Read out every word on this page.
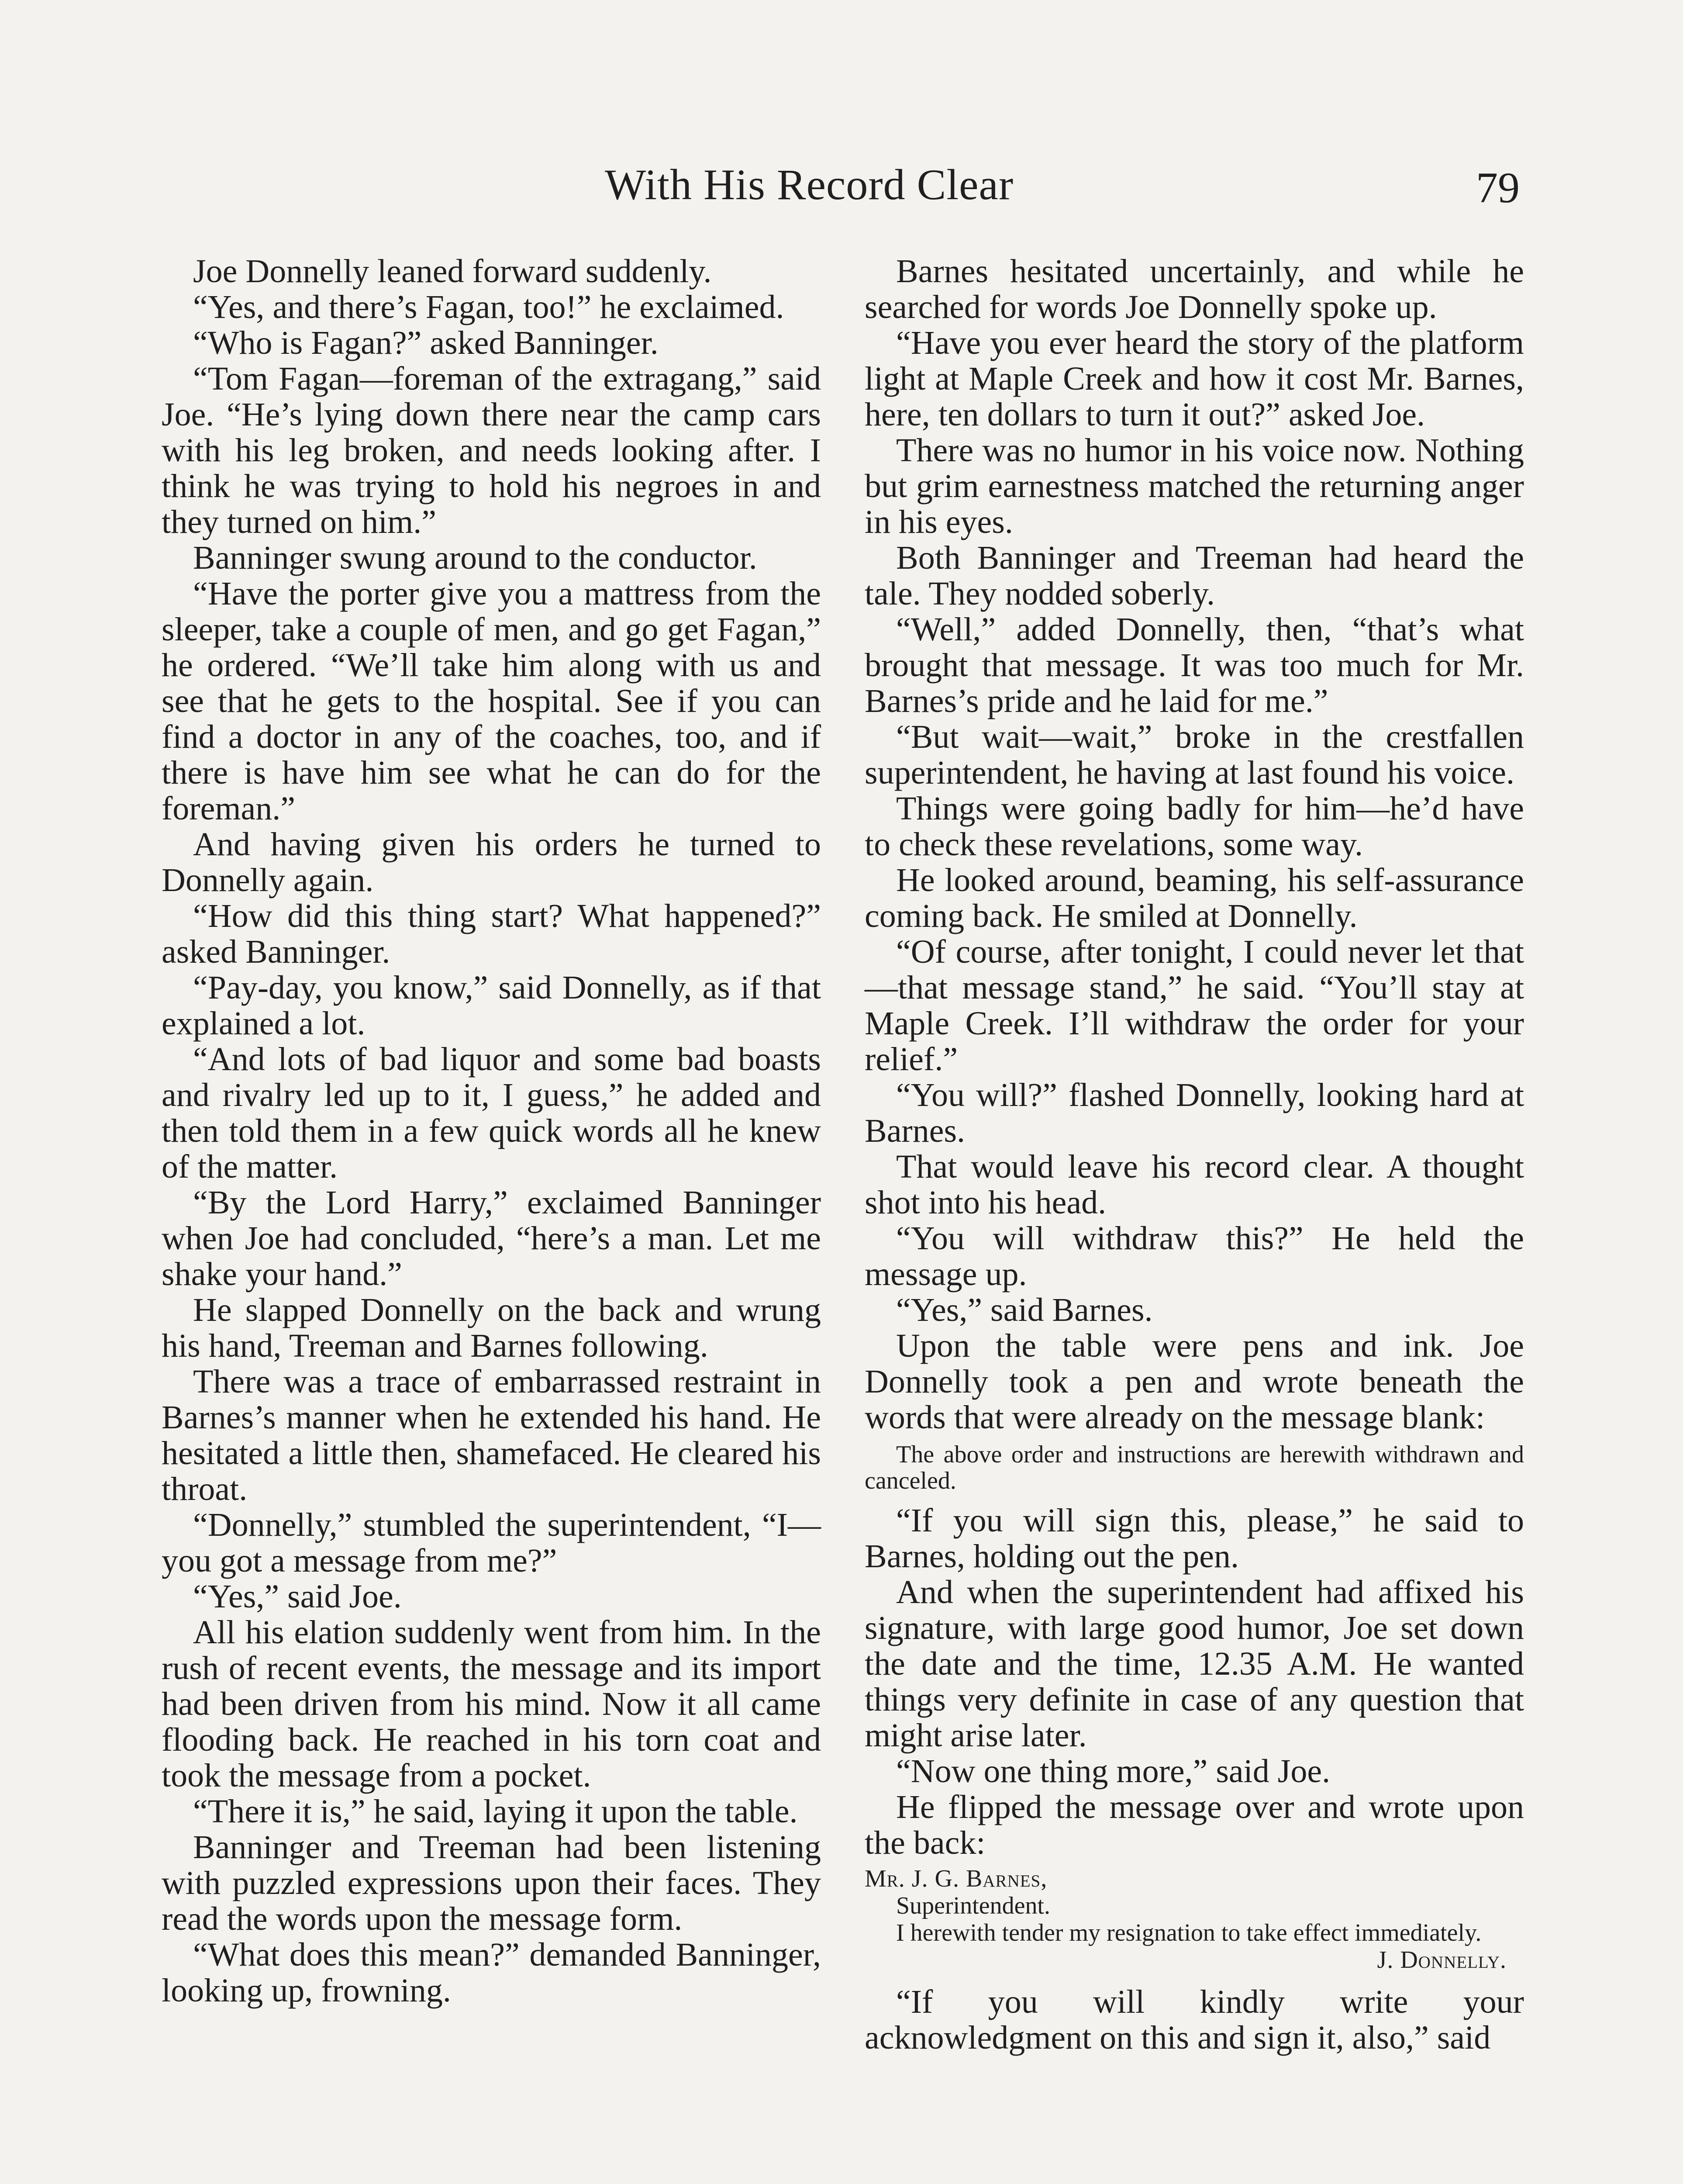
With His Record Clear	79

Joe Donnelly leaned forward suddenly.

“Yes, and there’s Fagan, too!” he exclaimed.

“Who is Fagan?” asked Banninger.

“Tom Fagan—foreman of the extragang,” said Joe. “He’s lying down there near the camp cars with his leg broken, and needs looking after. I think he was trying to hold his negroes in and they turned on him.”

Banninger swung around to the conductor.

“Have the porter give you a mattress from the sleeper, take a couple of men, and go get Fagan,” he ordered. “We’ll take him along with us and see that he gets to the hospital. See if you can find a doctor in any of the coaches, too, and if there is have him see what he can do for the foreman.”

And having given his orders he turned to Donnelly again.

“How did this thing start? What happened?” asked Banninger.

“Pay-day, you know,” said Donnelly, as if that explained a lot.

“And lots of bad liquor and some bad boasts and rivalry led up to it, I guess,” he added and then told them in a few quick words all he knew of the matter.

“By the Lord Harry,” exclaimed Banninger when Joe had concluded, “here’s a man. Let me shake your hand.”

He slapped Donnelly on the back and wrung his hand, Treeman and Barnes following.

There was a trace of embarrassed restraint in Barnes’s manner when he extended his hand. He hesitated a little then, shamefaced. He cleared his throat.

“Donnelly,” stumbled the superintendent, “I—you got a message from me?”

“Yes,” said Joe.

All his elation suddenly went from him. In the rush of recent events, the message and its import had been driven from his mind. Now it all came flooding back. He reached in his torn coat and took the message from a pocket.

“There it is,” he said, laying it upon the table.

Banninger and Treeman had been listening with puzzled expressions upon their faces. They read the words upon the message form.

“What does this mean?” demanded Banninger, looking up, frowning.

Barnes hesitated uncertainly, and while he searched for words Joe Donnelly spoke up.

“Have you ever heard the story of the platform light at Maple Creek and how it cost Mr. Barnes, here, ten dollars to turn it out?” asked Joe.

There was no humor in his voice now. Nothing but grim earnestness matched the returning anger in his eyes.

Both Banninger and Treeman had heard the tale. They nodded soberly.

“Well,” added Donnelly, then, “that’s what brought that message. It was too much for Mr. Barnes’s pride and he laid for me.”

“But wait—wait,” broke in the crestfallen superintendent, he having at last found his voice.

Things were going badly for him—he’d have to check these revelations, some way.

He looked around, beaming, his self-assurance coming back. He smiled at Donnelly.

“Of course, after tonight, I could never let that—that message stand,” he said. “You’ll stay at Maple Creek. I’ll withdraw the order for your relief.”

“You will?” flashed Donnelly, looking hard at Barnes.

That would leave his record clear. A thought shot into his head.

“You will withdraw this?” He held the message up.

“Yes,” said Barnes.

Upon the table were pens and ink. Joe Donnelly took a pen and wrote beneath the words that were already on the message blank:

The above order and instructions are herewith withdrawn and canceled.

“If you will sign this, please,” he said to Barnes, holding out the pen.

And when the superintendent had affixed his signature, with large good humor, Joe set down the date and the time, 12.35 A.M. He wanted things very definite in case of any question that might arise later.

“Now one thing more,” said Joe.

He flipped the message over and wrote upon the back:

Mr. J. G. Barnes,
Superintendent.
I herewith tender my resignation to take effect immediately.
J. Donnelly.

“If you will kindly write your acknowledgment on this and sign it, also,” said
